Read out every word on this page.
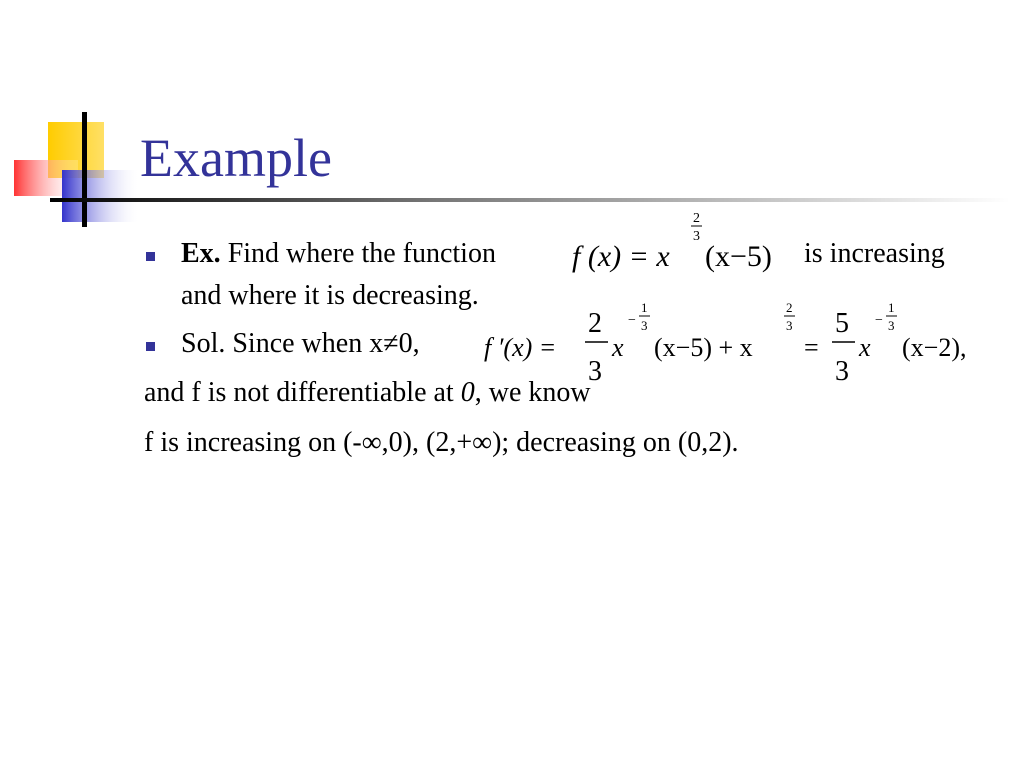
Example
Ex. Find where the function	f (x) = x
2
3
(x−5) is increasing
and where it is decreasing.
Sol. Since when x≠0, f ′(x) =
2
3
x
−
1
3
(x−5) + x
2
3
=
5
3
x
−
1
3
(x−2),
and f is not differentiable at 0, we know
f is increasing on (-∞,0), (2,+∞); decreasing on (0,2).
